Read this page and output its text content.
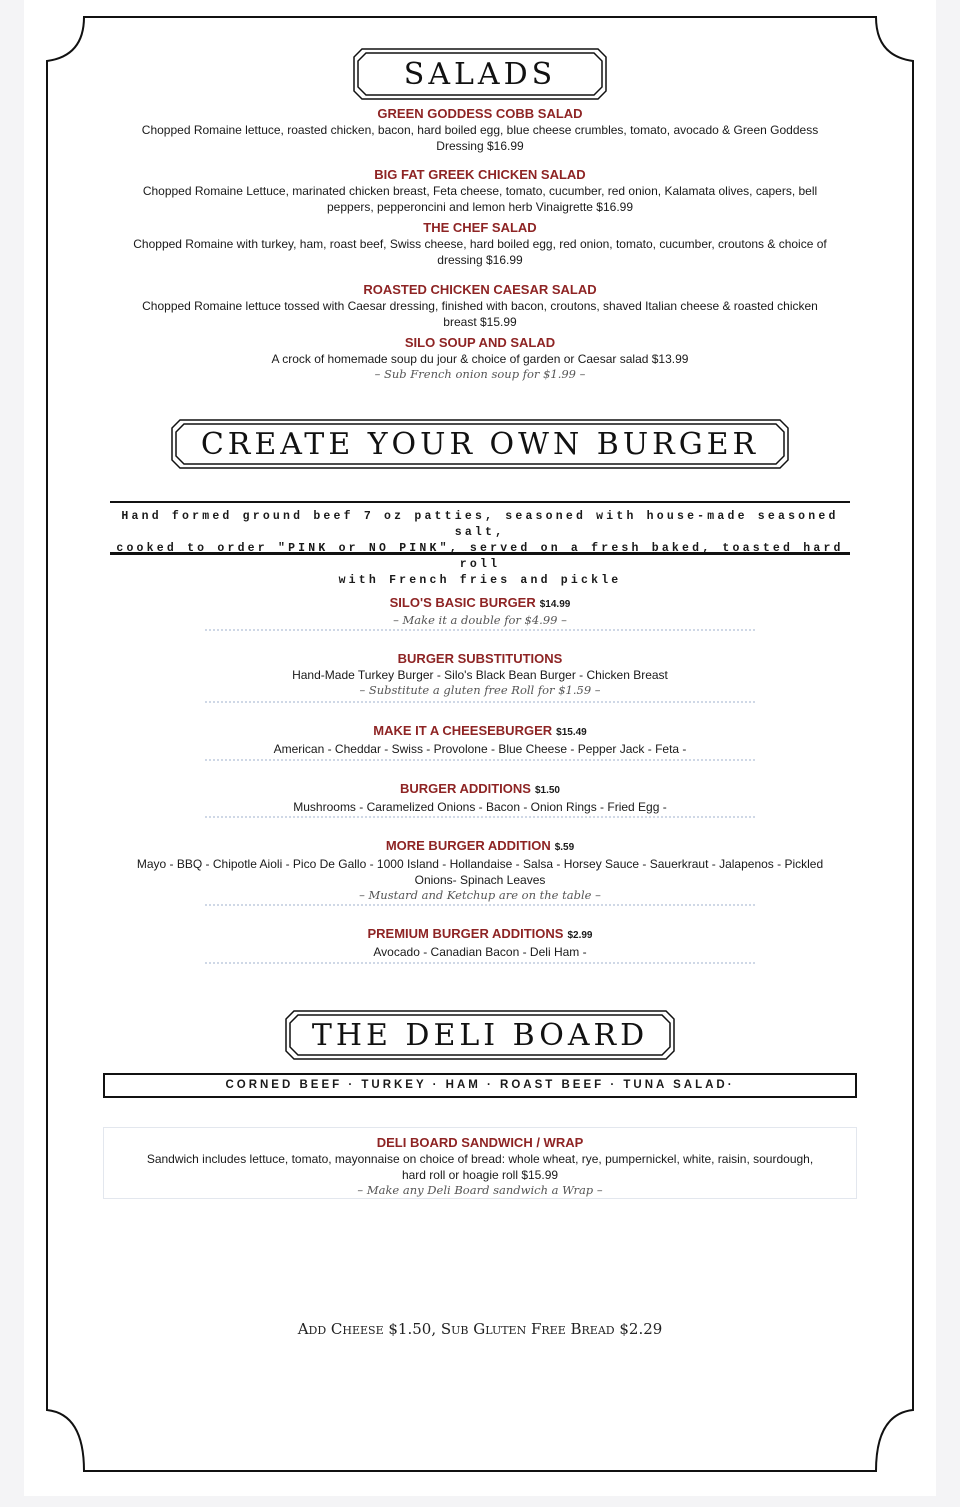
SALADS
GREEN GODDESS COBB SALAD
Chopped Romaine lettuce, roasted chicken, bacon, hard boiled egg, blue cheese crumbles, tomato, avocado & Green Goddess
Dressing $16.99
BIG FAT GREEK CHICKEN SALAD
Chopped Romaine Lettuce, marinated chicken breast, Feta cheese, tomato, cucumber, red onion, Kalamata olives, capers, bell
peppers, pepperoncini and lemon herb Vinaigrette $16.99
THE CHEF SALAD
Chopped Romaine with turkey, ham, roast beef, Swiss cheese, hard boiled egg, red onion, tomato, cucumber, croutons & choice of
dressing $16.99
ROASTED CHICKEN CAESAR SALAD
Chopped Romaine lettuce tossed with Caesar dressing, finished with bacon, croutons, shaved Italian cheese & roasted chicken
breast $15.99
SILO SOUP AND SALAD
A crock of homemade soup du jour & choice of garden or Caesar salad $13.99
– Sub French onion soup for $1.99 –
CREATE YOUR OWN BURGER
Hand formed ground beef 7 oz patties, seasoned with house-made seasoned salt,
cooked to order "PINK or NO PINK", served on a fresh baked, toasted hard roll
with French fries and pickle
SILO'S BASIC BURGER $14.99
– Make it a double for $4.99 –
BURGER SUBSTITUTIONS
Hand-Made Turkey Burger - Silo's Black Bean Burger - Chicken Breast
– Substitute a gluten free Roll for $1.59 –
MAKE IT A CHEESEBURGER $15.49
American - Cheddar - Swiss - Provolone - Blue Cheese - Pepper Jack - Feta -
BURGER ADDITIONS $1.50
Mushrooms - Caramelized Onions - Bacon - Onion Rings - Fried Egg -
MORE BURGER ADDITION $.59
Mayo - BBQ - Chipotle Aioli - Pico De Gallo - 1000 Island - Hollandaise - Salsa - Horsey Sauce - Sauerkraut - Jalapenos - Pickled
Onions- Spinach Leaves
– Mustard and Ketchup are on the table –
PREMIUM BURGER ADDITIONS $2.99
Avocado - Canadian Bacon - Deli Ham -
THE DELI BOARD
CORNED BEEF · TURKEY · HAM · ROAST BEEF · TUNA SALAD·
DELI BOARD SANDWICH / WRAP
Sandwich includes lettuce, tomato, mayonnaise on choice of bread: whole wheat, rye, pumpernickel, white, raisin, sourdough,
hard roll or hoagie roll $15.99
– Make any Deli Board sandwich a Wrap –
Add Cheese $1.50, Sub Gluten Free Bread $2.29
